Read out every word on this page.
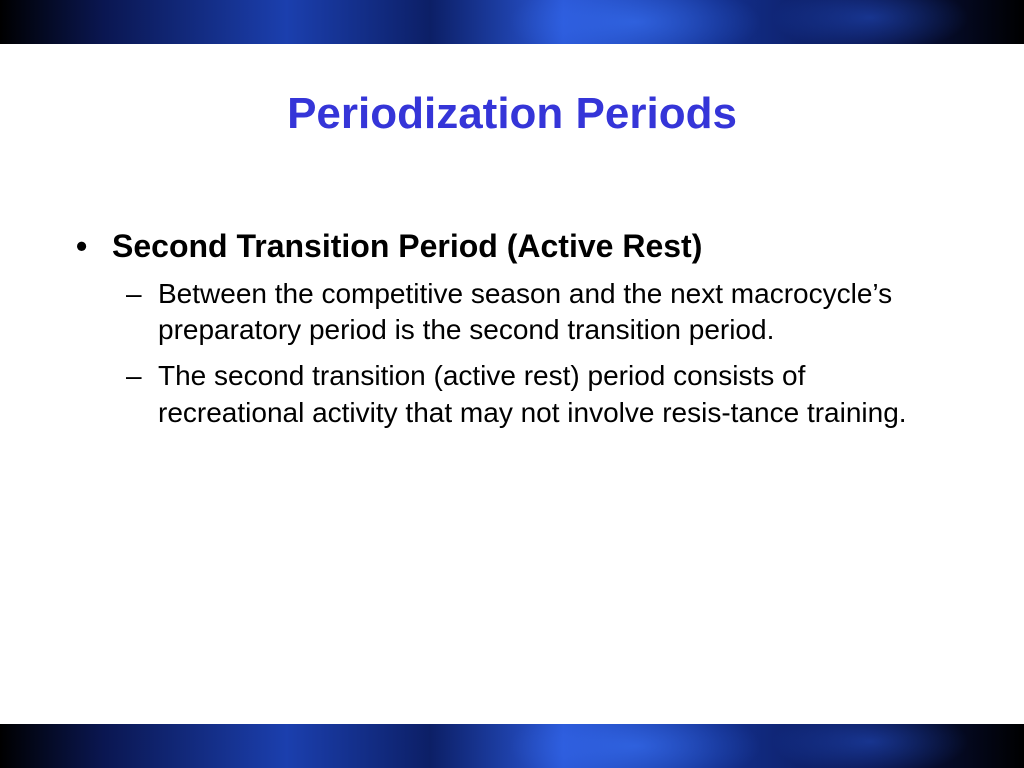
Periodization Periods
• Second Transition Period (Active Rest)
– Between the competitive season and the next macrocycle’s preparatory period is the second transition period.
– The second transition (active rest) period consists of recreational activity that may not involve resis-tance training.
